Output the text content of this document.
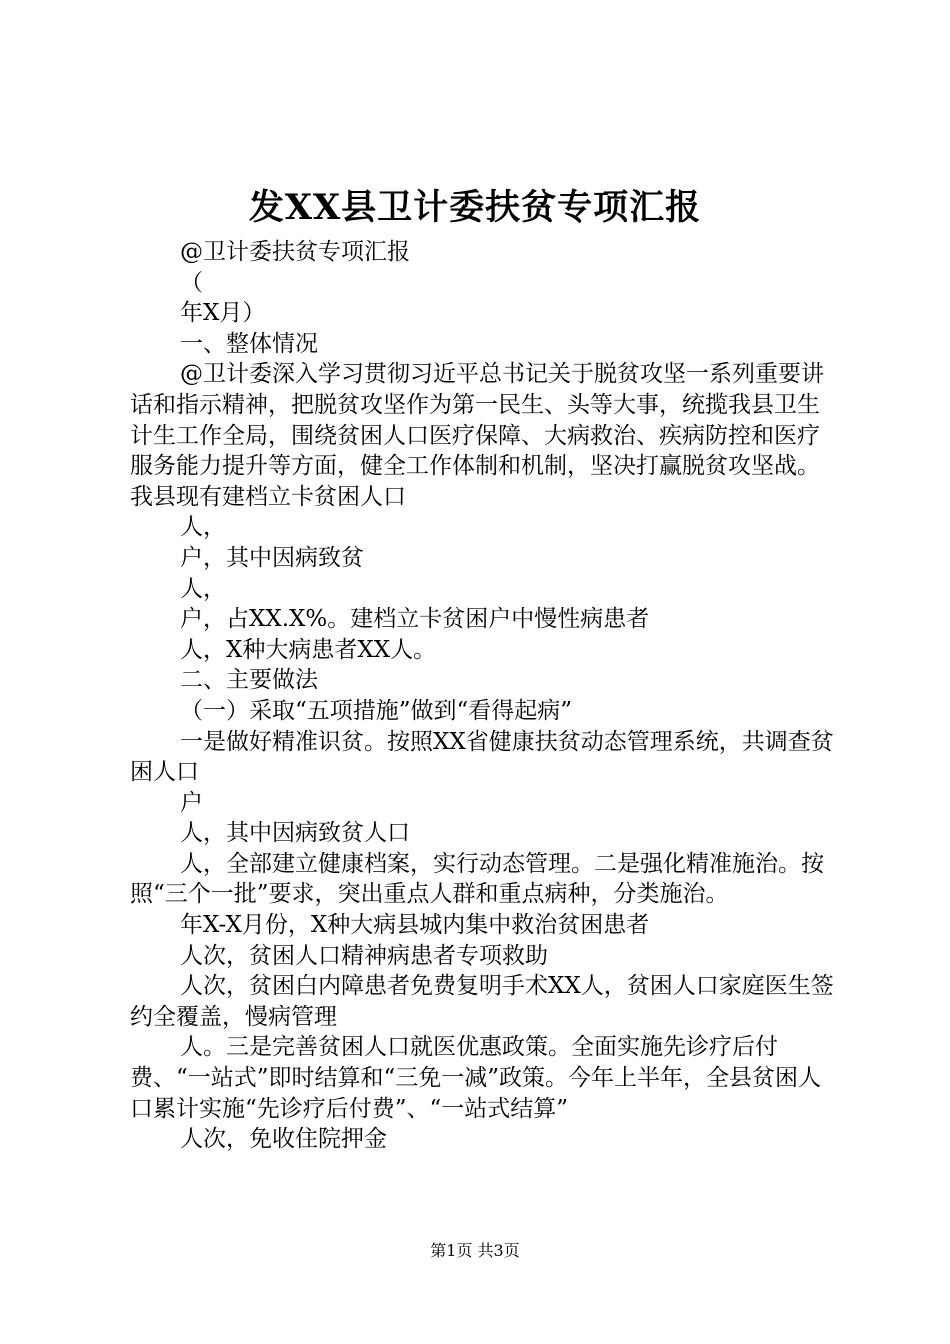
发XX县卫计委扶贫专项汇报

@卫计委扶贫专项汇报

（

年X月）

一、整体情况

@卫计委深入学习贯彻习近平总书记关于脱贫攻坚一系列重要讲话和指示精神，把脱贫攻坚作为第一民生、头等大事，统揽我县卫生计生工作全局，围绕贫困人口医疗保障、大病救治、疾病防控和医疗服务能力提升等方面，健全工作体制和机制，坚决打赢脱贫攻坚战。我县现有建档立卡贫困人口

人，

户，其中因病致贫

人，

户，占XX.X%。建档立卡贫困户中慢性病患者

人，X种大病患者XX人。

二、主要做法

（一）采取“五项措施”做到“看得起病”

一是做好精准识贫。按照XX省健康扶贫动态管理系统，共调查贫困人口

户

人，其中因病致贫人口

人，全部建立健康档案，实行动态管理。二是强化精准施治。按照“三个一批”要求，突出重点人群和重点病种，分类施治。

年X-X月份，X种大病县城内集中救治贫困患者

人次，贫困人口精神病患者专项救助

人次，贫困白内障患者免费复明手术XX人，贫困人口家庭医生签约全覆盖，慢病管理

人。三是完善贫困人口就医优惠政策。全面实施先诊疗后付费、“一站式”即时结算和“三免一减”政策。今年上半年，全县贫困人口累计实施“先诊疗后付费”、“一站式结算”

人次，免收住院押金

第1页 共3页
